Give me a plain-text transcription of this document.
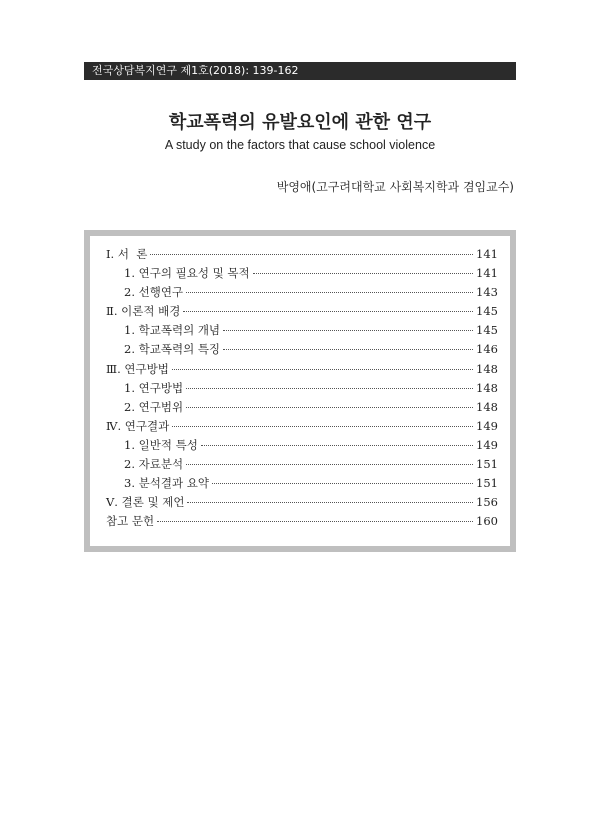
전국상담복지연구 제1호(2018): 139-162
학교폭력의 유발요인에 관한 연구
A study on the factors that cause school violence
박영애(고구려대학교 사회복지학과 겸임교수)
Ⅰ. 서  론	141
1. 연구의 필요성 및 목적	141
2. 선행연구	143
Ⅱ. 이론적 배경	145
1. 학교폭력의 개념	145
2. 학교폭력의 특징	146
Ⅲ. 연구방법	148
1. 연구방법	148
2. 연구범위	148
Ⅳ. 연구결과	149
1. 일반적 특성	149
2. 자료분석	151
3. 분석결과 요약	151
Ⅴ. 결론 및 제언	156
참고 문헌	160
